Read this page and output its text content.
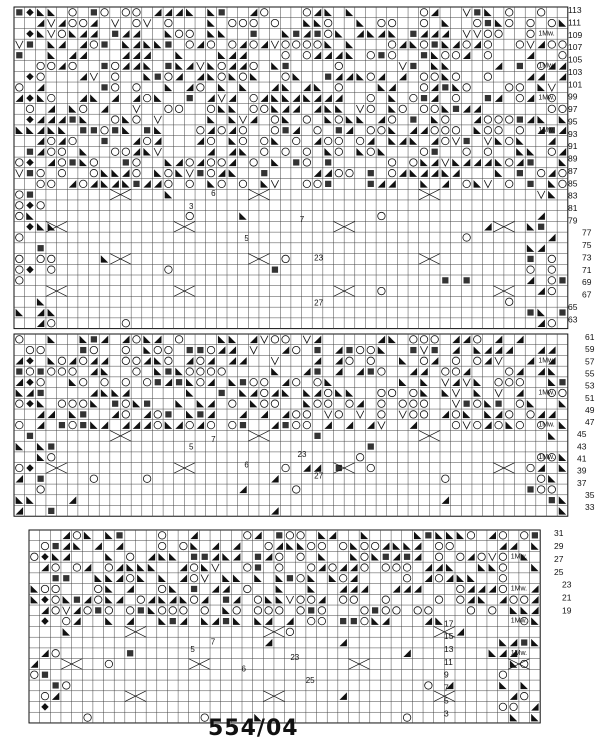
3
5
6
7
23
27
1Mw.
1Mw.
1Mw.
1Mw.
113
111
109
107
105
103
101
99
97
95
93
91
89
87
85
83
81
79
77
75
73
71
69
67
65
63
5
6
7
23
27
1Mw.
1Mw.
1Mw.
1Mw.
61
59
57
55
53
51
49
47
45
43
41
39
37
35
33
5
6
7
23
25
1Mw.
1Mw.
1Mw.
1Mw.
31
29
27
25
23
21
19
17
15
13
11
9
7
5
3
554/04
